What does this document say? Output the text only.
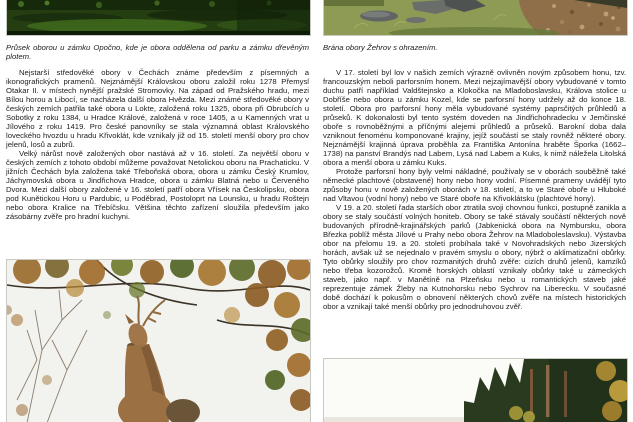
Průsek oborou u zámku Opočno, kde je obora oddělena od parku a zámku dřevěným plotem.
Brána obory Žehrov s ohrazením.

Nejstarší středověké obory v Čechách známe především z písemných a ikonografických pramenů. Nejznámější Královskou oboru založil roku 1278 Přemysl Otakar II. v místech nynější pražské Stromovky. Na západ od Pražského hradu, mezi Bílou horou a Libocí, se nacházela další obora Hvězda. Mezi známé středověké obory v českých zemích patřila také obora u Lokte, založená roku 1325, obora při Obrubcích u Sobotky z roku 1384, u Hradce Králové, založená v roce 1405, a u Kamenných vrat u Jílového z roku 1419. Pro české panovníky se stala významná oblast Královského loveckého hvozdu u hradu Křivoklát, kde vznikaly již od 15. století menší obory pro chov jelenů, losů a zubrů.

Velký nárůst nově založených obor nastává až v 16. století. Za největší oboru v českých zemích z tohoto období můžeme považovat Netolickou oboru na Prachaticku. V jižních Čechách byla založena také Třeboňská obora, obora u zámku Český Krumlov, Jáchymovská obora u Jindřichova Hradce, obora u zámku Blatná nebo u Červeného Dvora. Mezi další obory založené v 16. století patří obora Vřísek na Českolipsku, obora pod Kunětickou Horu u Pardubic, u Poděbrad, Postoloprt na Lounsku, u hradu Roštejn nebo obora Kralice na Třebíčsku. Většina těchto zařízení sloužila především jako zásobárny zvěře pro hradní kuchyni.

V 17. století byl lov v našich zemích výrazně ovlivněn novým způsobem honu, tzv. francouzským neboli parforsním honem. Mezi nejzajímavější obory vybudované v tomto duchu patří například Valdštejnsko a Klokočka na Mladoboslavsku, Králova stolice u Dobříše nebo obora u zámku Kozel, kde se parforsní hony udržely až do konce 18. století. Obora pro parforsní hony měla vybudované systémy paprsčitých průhledů a průseků. K dokonalosti byl tento systém doveden na Jindřichohradecku v Jemčinské oboře s rovnoběžnými a příčnými alejemi průhledů a průseků. Barokní doba dala vzniknout fenoménu komponované krajiny, jejíž součástí se staly rovněž některé obory. Nejznámější krajinná úprava proběhla za Františka Antonína hraběte Šporka (1662–1738) na panství Brandýs nad Labem, Lysá nad Labem a Kuks, k nimž náležela Litolská obora a menší obora u zámku Kuks.

Protože parforsní hony byly velmi nákladné, používaly se v oborách souběžně také německé plachtové (obstavené) hony nebo hony vodní. Písemné prameny uvádějí tyto způsoby honu v nově založených oborách v 18. století, a to ve Staré oboře u Hluboké nad Vltavou (vodní hony) nebo ve Staré oboře na Křivoklátsku (plachtové hony).

V 19. a 20. století řada starších obor ztratila svoji chovnou funkci, postupně zanikla a obory se staly součástí volných honiteb. Obory se také stávaly součástí některých nově budovaných přírodně-krajinářských parků (Jabkenická obora na Nymbursku, obora Březka poblíž města Jílové u Prahy nebo obora Žehrov na Mladoboleslavsku). Výstavba obor na přelomu 19. a 20. století probíhala také v Novohradských nebo Jizerských horách, avšak už se nejednalo v pravém smyslu o obory, nýbrž o aklimatizační obůrky. Tyto obůrky sloužily pro chov rozmanitých druhů zvěře: cizích druhů jelenů, kamzíků nebo třeba kozorožců. Kromě horských oblastí vznikaly obůrky také u zámeckých staveb, jako např. v Manětíně na Plzeňsku nebo u romantických staveb jaké reprezentuje zámek Žleby na Kutnohorsku nebo Sychrov na Liberecku. V současné době dochází k pokusům o obnovení některých chovů zvěře na místech historických obor a vznikají také menší obůrky pro jednodruhovou zvěř.
